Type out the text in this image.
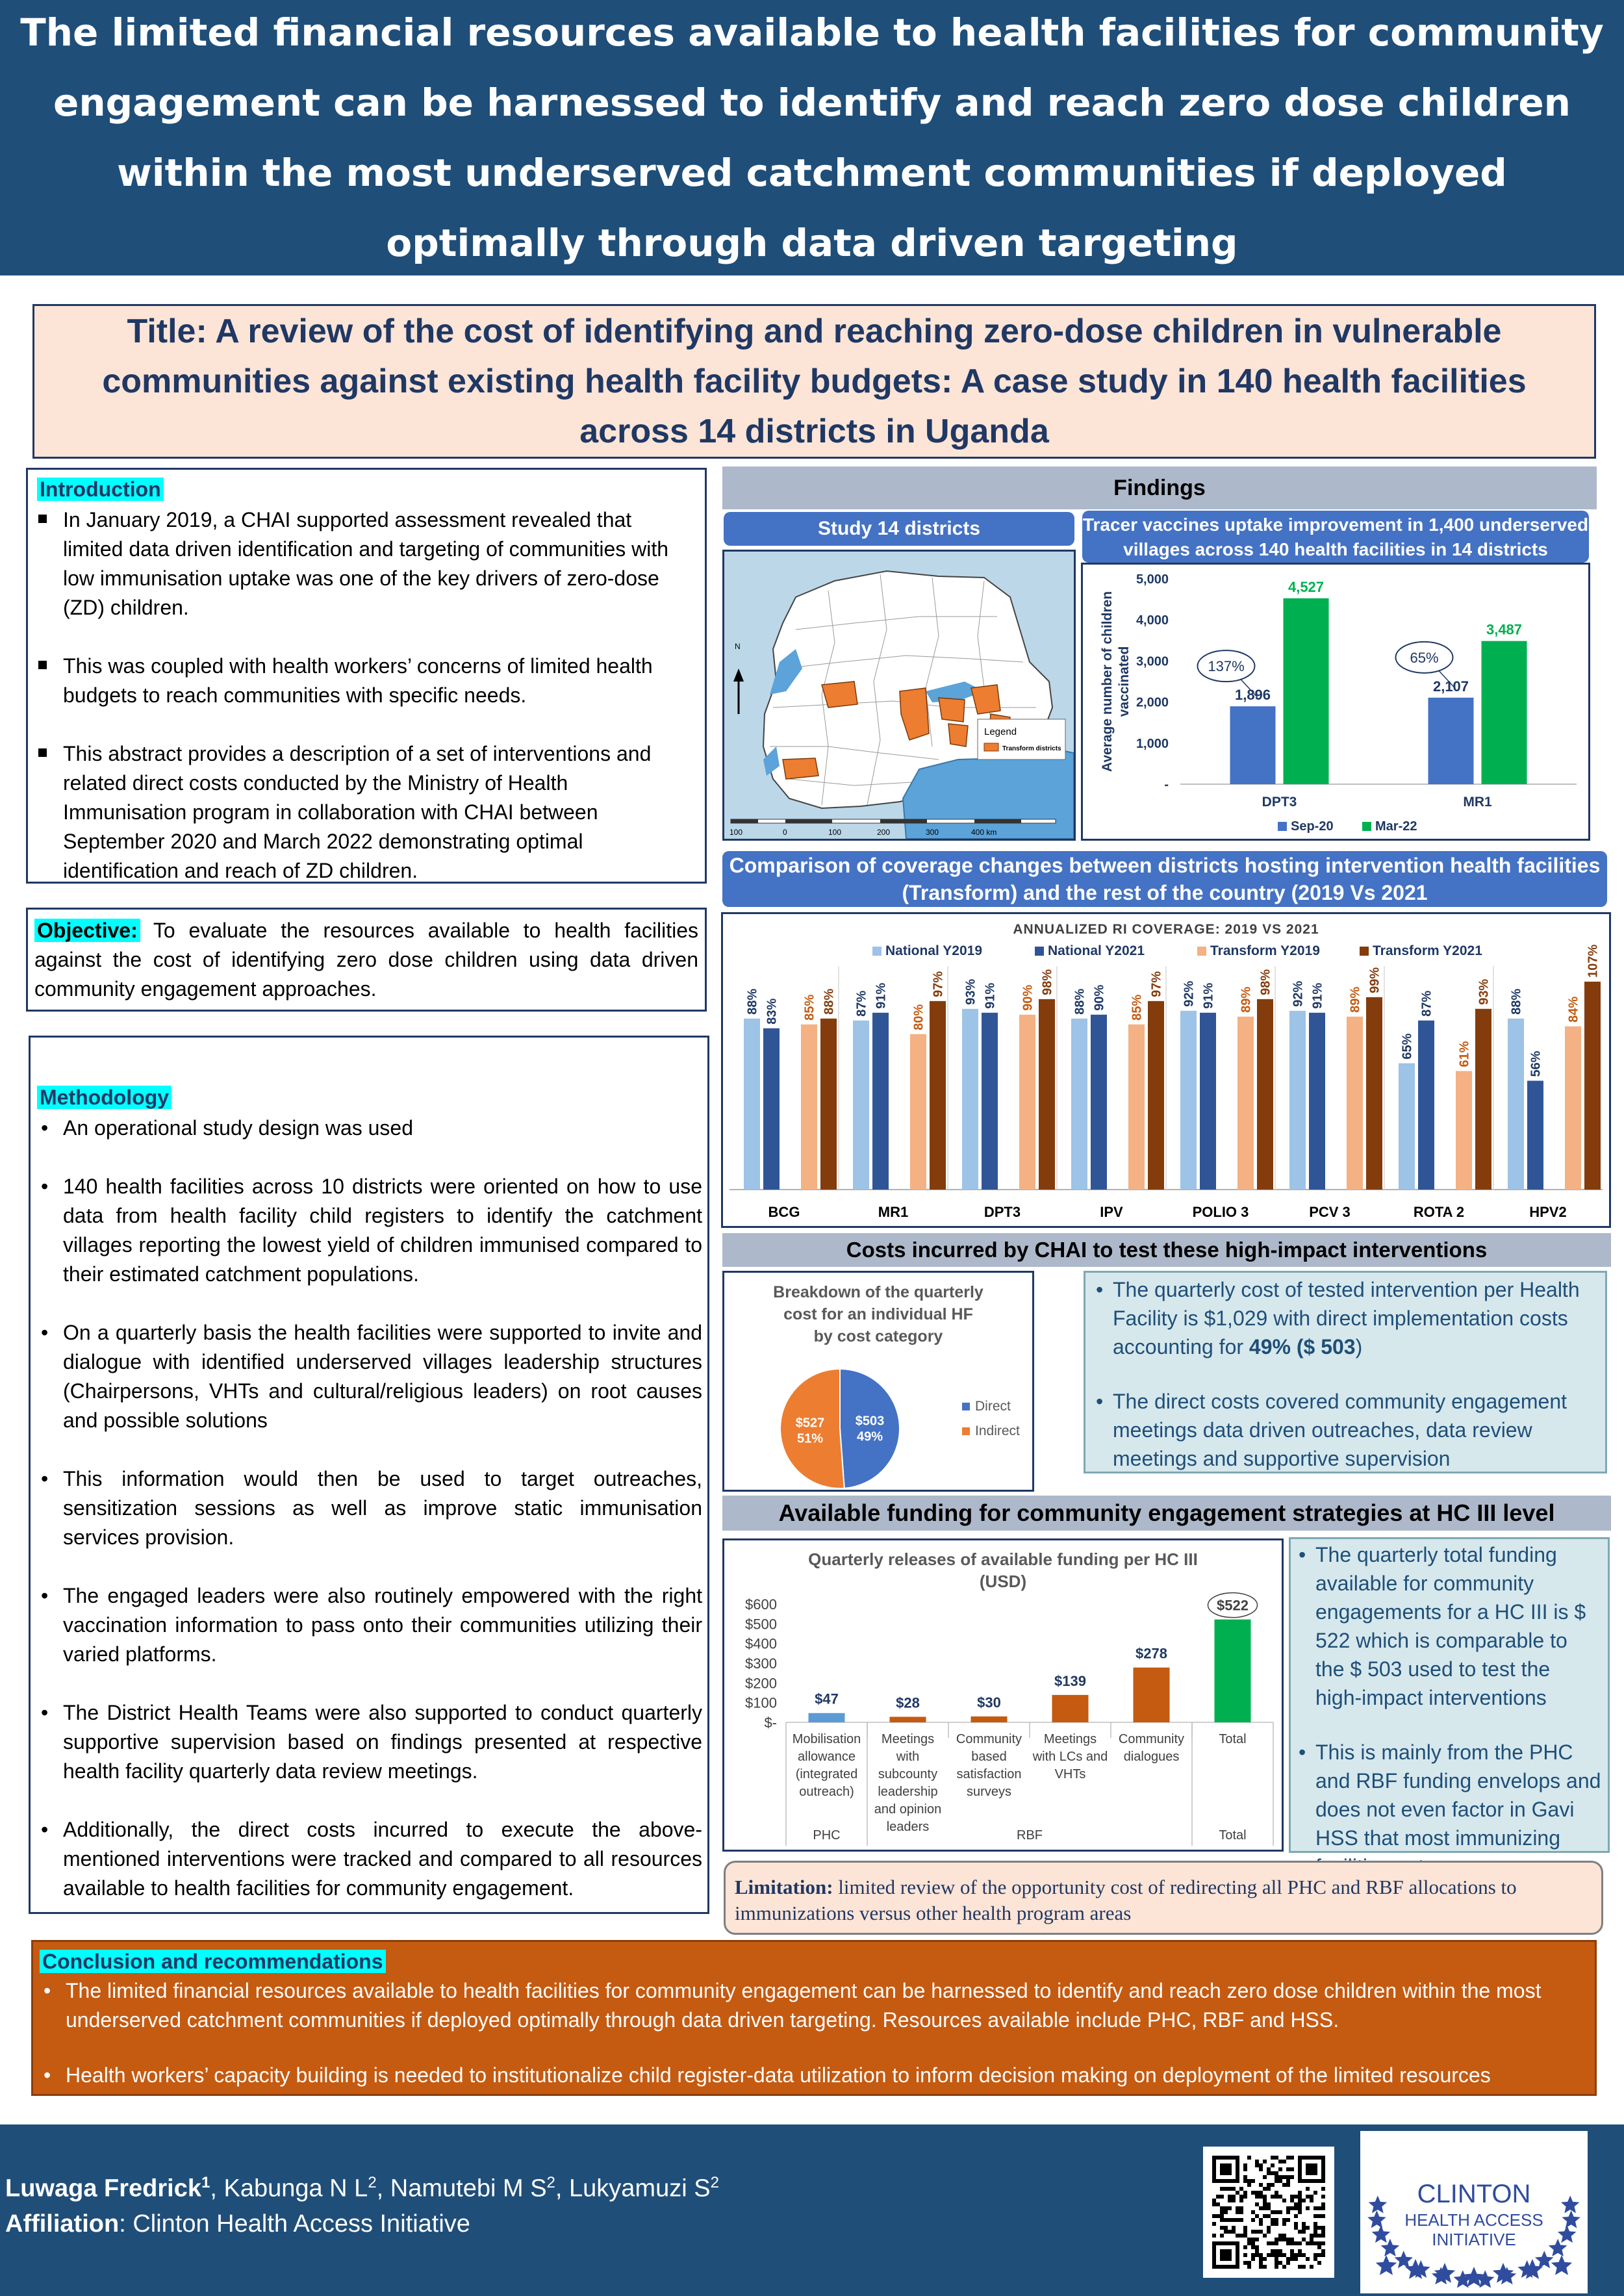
The limited financial resources available to health facilities for community engagement can be harnessed to identify and reach zero dose children within the most underserved catchment communities if deployed optimally through data driven targeting
Title: A review of the cost of identifying and reaching zero-dose children in vulnerable communities against existing health facility budgets: A case study in 140 health facilities across 14 districts in Uganda
Introduction
In January 2019, a CHAI supported assessment revealed that limited data driven identification and targeting of communities with low immunisation uptake was one of the key drivers of zero-dose (ZD) children.
This was coupled with health workers’ concerns of limited health budgets to reach communities with specific needs.
This abstract provides a description of a set of interventions and related direct costs conducted by the Ministry of Health Immunisation program in collaboration with CHAI between September 2020 and March 2022 demonstrating optimal identification and reach of ZD children.
Objective: To evaluate the resources available to health facilities against the cost of identifying zero dose children using data driven community engagement approaches.
Methodology
• An operational study design was used
• 140 health facilities across 10 districts were oriented on how to use data from health facility child registers to identify the catchment villages reporting the lowest yield of children immunised compared to their estimated catchment populations.
• On a quarterly basis the health facilities were supported to invite and dialogue with identified underserved villages leadership structures (Chairpersons, VHTs and cultural/religious leaders) on root causes and possible solutions
• This information would then be used to target outreaches, sensitization sessions as well as improve static immunisation services provision.
• The engaged leaders were also routinely empowered with the right vaccination information to pass onto their communities utilizing their varied platforms.
• The District Health Teams were also supported to conduct quarterly supportive supervision based on findings presented at respective health facility quarterly data review meetings.
• Additionally, the direct costs incurred to execute the above-mentioned interventions were tracked and compared to all resources available to health facilities for community engagement.
Findings
Study 14 districts
N
Legend
Transform districts
100	0	100	200	300	400 km
Tracer vaccines uptake improvement in 1,400 underserved villages across 140 health facilities in 14 districts
-
1,000
2,000
3,000
4,000
5,000
Average number of children vaccinated	1,896
4,527
DPT3
137%
2,107
3,487
MR1
65%
Sep-20	Mar-22
Comparison of coverage changes between districts hosting intervention health facilities (Transform) and the rest of the country (2019 Vs 2021
ANNUALIZED RI COVERAGE: 2019 VS 2021
National Y2019	National Y2021	Transform Y2019	Transform Y2021
88% 83% 85% 88%
BCG
87% 91%
80%
97%
MR1
93% 91% 90%
98%
DPT3
88% 90% 85%
97%
IPV
92% 91% 89%
98%
POLIO 3
92% 91% 89%
99%
PCV 3
65%
87%
61%
93%
ROTA 2
88%
56%
84%
107%
HPV2
Costs incurred by CHAI to test these high-impact interventions
Breakdown of the quarterly
cost for an individual HF
by cost category
$503
49%
$527
51%
Direct
Indirect
• The quarterly cost of tested intervention per Health Facility is $1,029 with direct implementation costs accounting for 49% ($ 503)
• The direct costs covered community engagement meetings data driven outreaches, data review meetings and supportive supervision
Available funding for community engagement strategies at HC III level
Quarterly releases of available funding per HC III
(USD)
$-
$100
$200
$300
$400
$500
$600
$47
Mobilisation
allowance
(integrated
outreach)
$28
Meetings
with
subcounty
leadership
and opinion
leaders
$30
Community
based
satisfaction
surveys
$139
Meetings
with LCs and
VHTs
$278
Community
dialogues
$522
Total
PHC	RBF	Total
• The quarterly total funding available for community engagements for a HC III is $ 522 which is comparable to the $ 503 used to test the high-impact interventions
• This is mainly from the PHC and RBF funding envelops and does not even factor in Gavi HSS that most immunizing
Limitation: limited review of the opportunity cost of redirecting all PHC and RBF allocations to immunizations versus other health program areas
Conclusion and recommendations
• The limited financial resources available to health facilities for community engagement can be harnessed to identify and reach zero dose children within the most underserved catchment communities if deployed optimally through data driven targeting. Resources available include PHC, RBF and HSS.
• Health workers’ capacity building is needed to institutionalize child register-data utilization to inform decision making on deployment of the limited resources
Luwaga Fredrick$^1$, Kabunga N $L^2$, Namutebi M $S^2$, Lukyamuzi $S^2$
Affiliation: Clinton Health Access Initiative
CLINTON
HEALTH ACCESS
INITIATIVE
